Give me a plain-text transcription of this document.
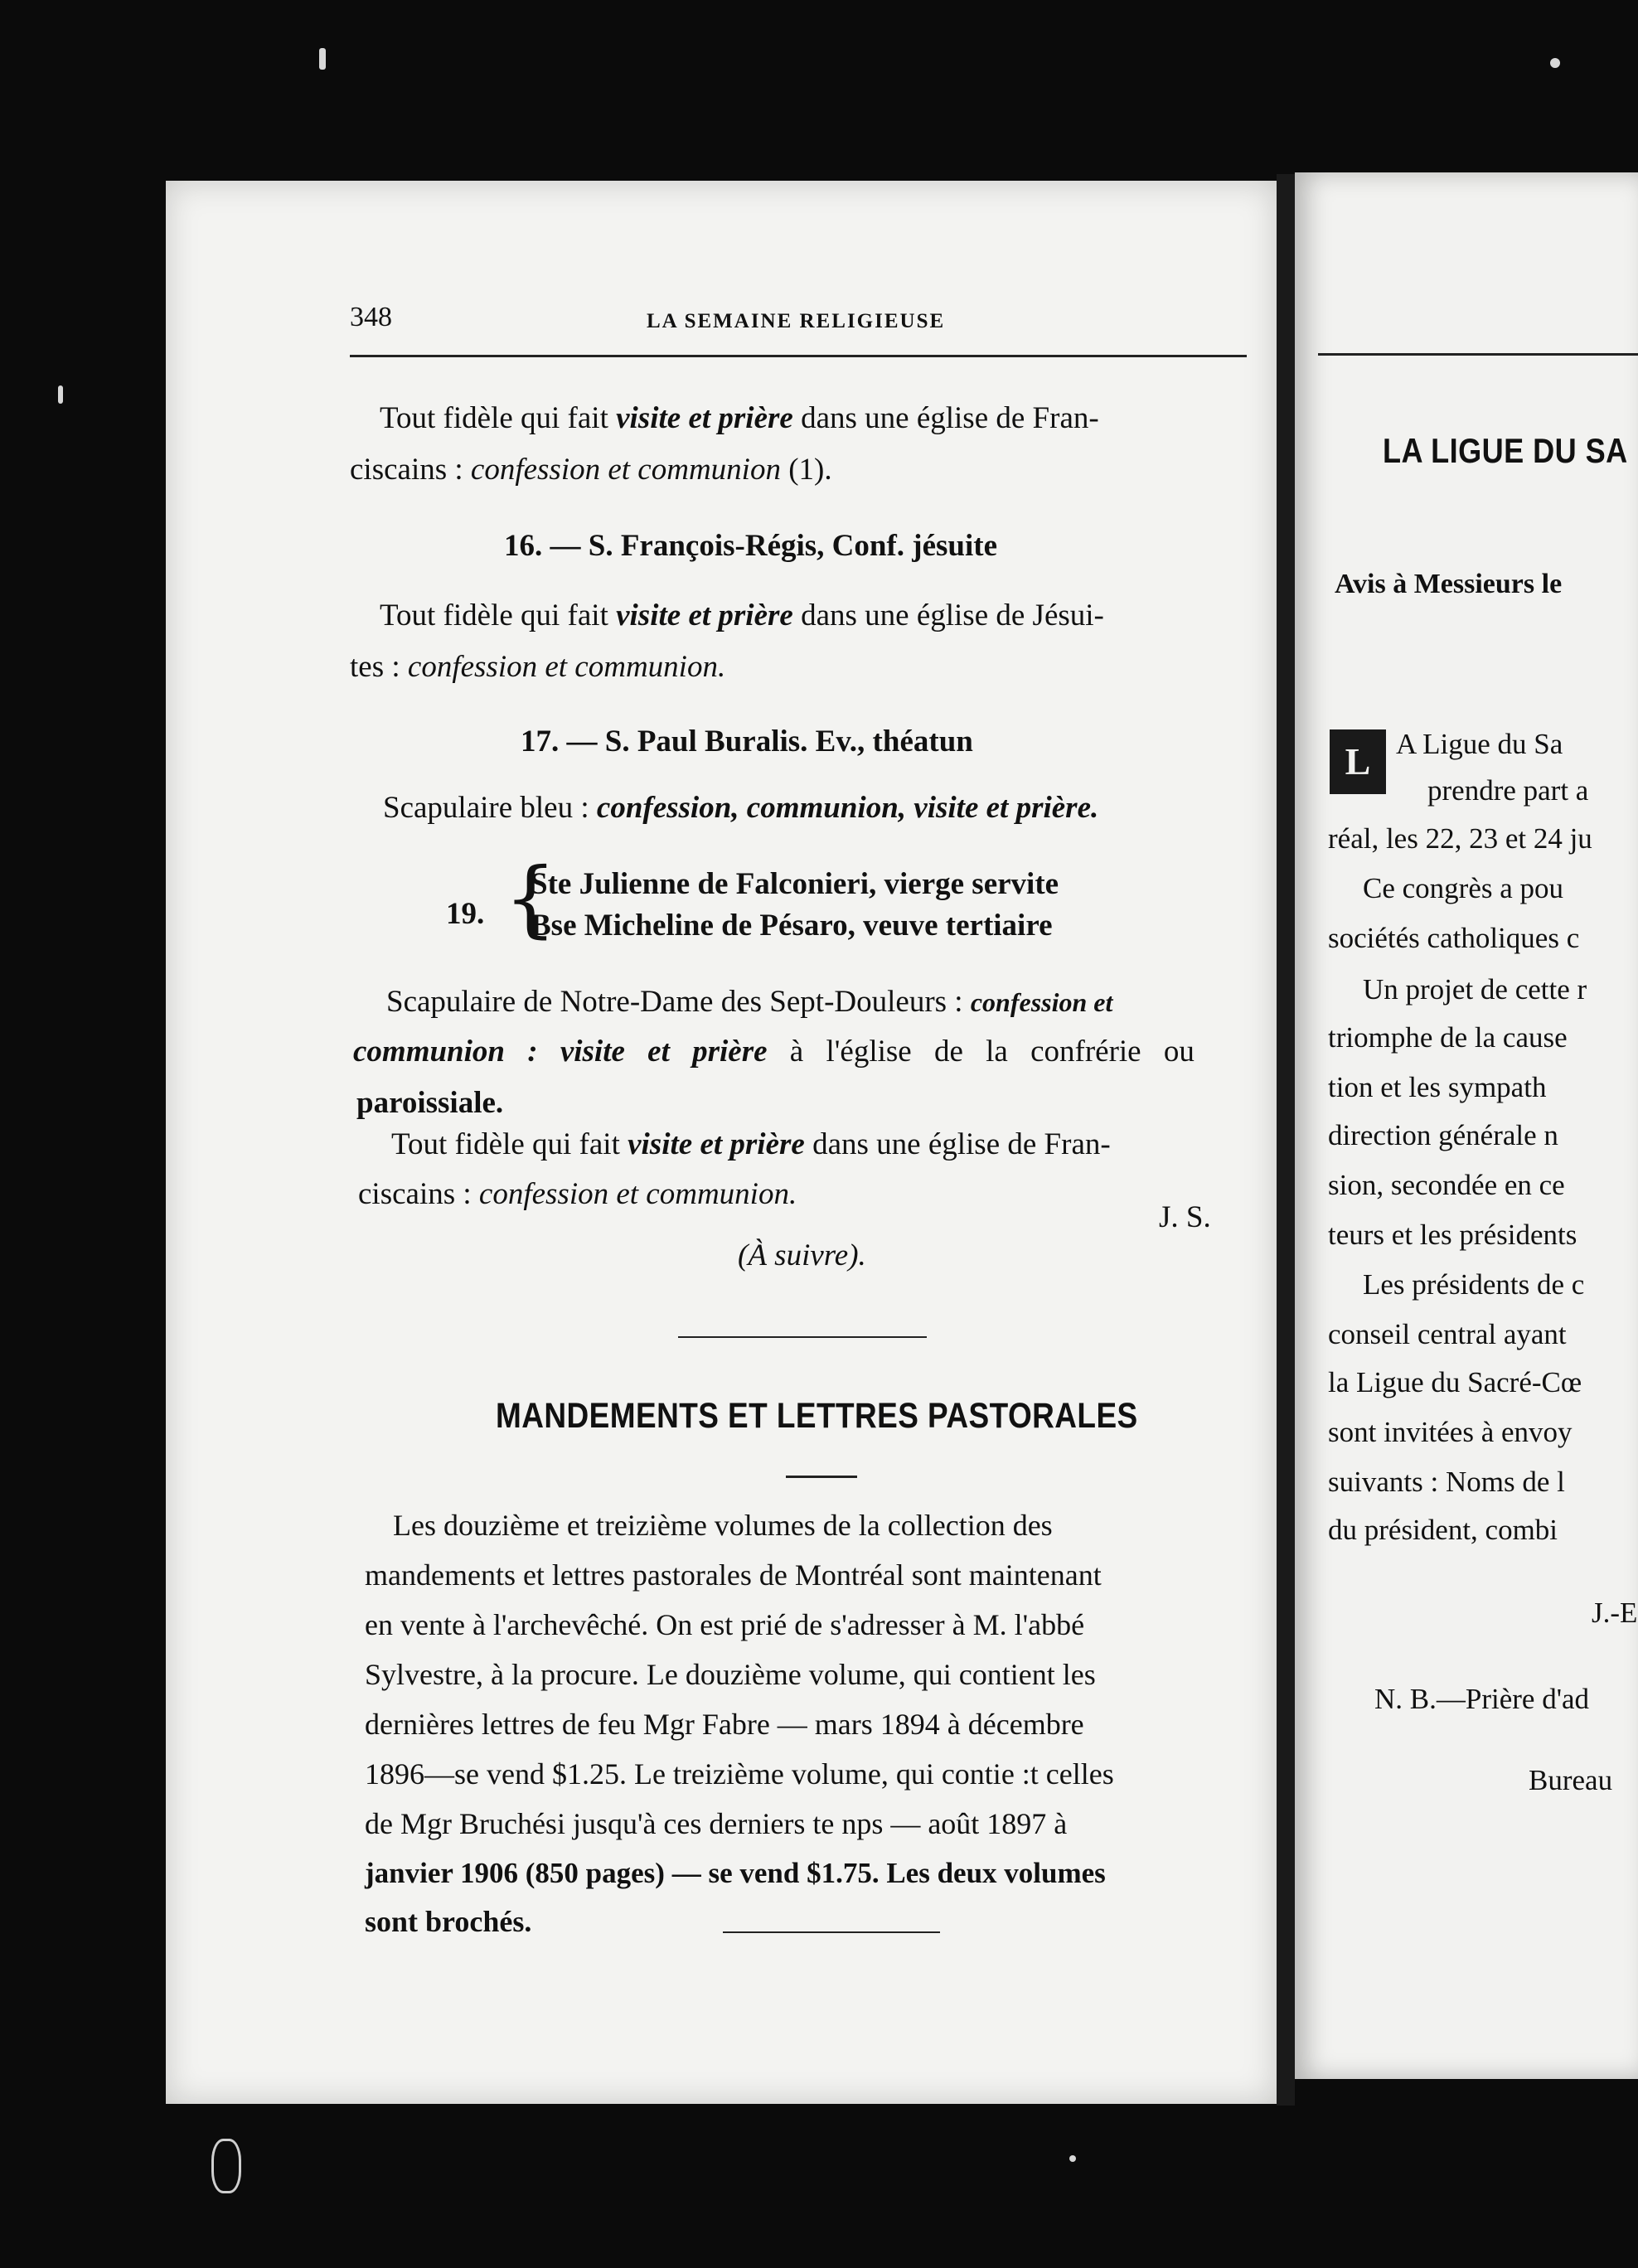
348	LA SEMAINE RELIGIEUSE
Tout fidèle qui fait visite et prière dans une église de Fran-
ciscains : confession et communion (1).
16. — S. François-Régis, Conf. jésuite
Tout fidèle qui fait visite et prière dans une église de Jésui-
tes : confession et communion.
17. — S. Paul Buralis. Ev., théatun
Scapulaire bleu : confession, communion, visite et prière.
19. {
Ste Julienne de Falconieri, vierge servite
Bse Micheline de Pésaro, veuve tertiaire
Scapulaire de Notre-Dame des Sept-Douleurs : confession et
communion : visite et prière à l'église de la confrérie ou
paroissiale.
Tout fidèle qui fait visite et prière dans une église de Fran-
ciscains : confession et communion.
J. S.
(À suivre).
MANDEMENTS ET LETTRES PASTORALES
Les douzième et treizième volumes de la collection des
mandements et lettres pastorales de Montréal sont maintenant
en vente à l'archevêché. On est prié de s'adresser à M. l'abbé
Sylvestre, à la procure. Le douzième volume, qui contient les
dernières lettres de feu Mgr Fabre — mars 1894 à décembre
1896—se vend $1.25. Le treizième volume, qui contie :t celles
de Mgr Bruchési jusqu'à ces derniers te nps — août 1897 à
janvier 1906 (850 pages) — se vend $1.75. Les deux volumes
sont brochés.
LA LIGUE DU SA
Avis à Messieurs le
L A Ligue du Sa
prendre part a
réal, les 22, 23 et 24 ju
Ce congrès a pou
sociétés catholiques c
Un projet de cette r
triomphe de la cause
tion et les sympath
direction générale n
sion, secondée en ce
teurs et les présidents
Les présidents de c
conseil central ayant
la Ligue du Sacré-Cœ
sont invitées à envoy
suivants : Noms de l
du président, combi
J.-E
N. B.—Prière d'ad
Bureau
